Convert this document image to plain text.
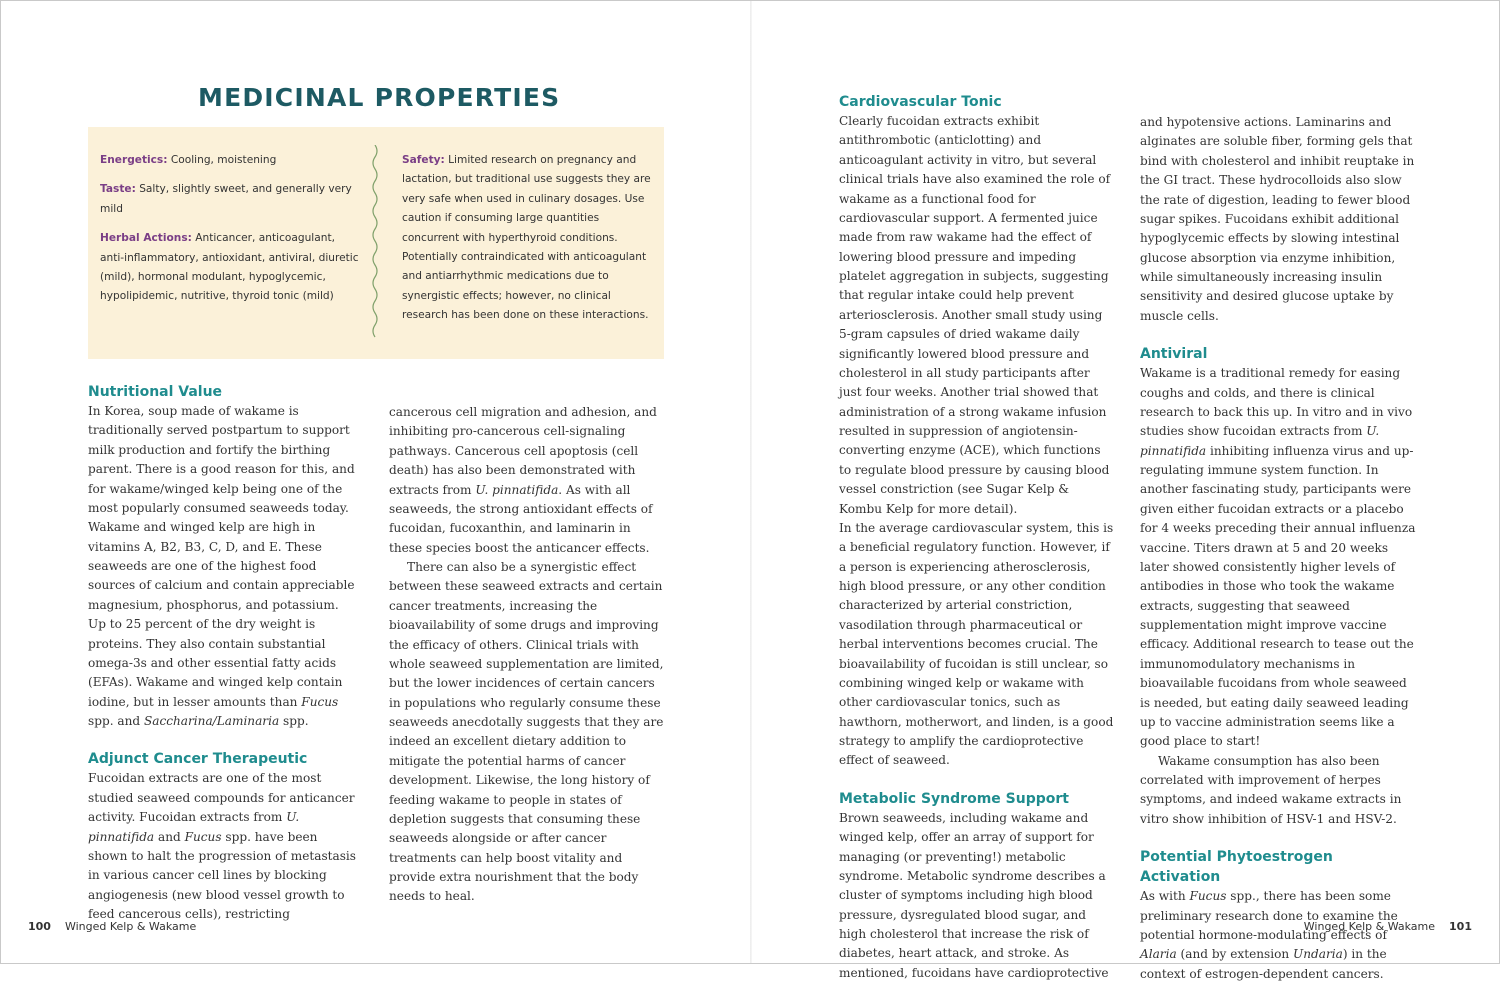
MEDICINAL PROPERTIES

Energetics: Cooling, moistening

Taste: Salty, slightly sweet, and generally very mild

Herbal Actions: Anticancer, anticoagulant, anti-inflammatory, antioxidant, antiviral, diuretic (mild), hormonal modulant, hypoglycemic, hypolipidemic, nutritive, thyroid tonic (mild)

Safety: Limited research on pregnancy and lactation, but traditional use suggests they are very safe when used in culinary dosages. Use caution if consuming large quantities concurrent with hyperthyroid conditions. Potentially contraindicated with anticoagulant and antiarrhythmic medications due to synergistic effects; however, no clinical research has been done on these interactions.

Nutritional Value

In Korea, soup made of wakame is traditionally served postpartum to support milk production and fortify the birthing parent. There is a good reason for this, and for wakame/winged kelp being one of the most popularly consumed seaweeds today. Wakame and winged kelp are high in vitamins A, B2, B3, C, D, and E. These seaweeds are one of the highest food sources of calcium and contain appreciable magnesium, phosphorus, and potassium. Up to 25 percent of the dry weight is proteins. They also contain substantial omega-3s and other essential fatty acids (EFAs). Wakame and winged kelp contain iodine, but in lesser amounts than Fucus spp. and Saccharina/Laminaria spp.

Adjunct Cancer Therapeutic

Fucoidan extracts are one of the most studied seaweed compounds for anticancer activity. Fucoidan extracts from U. pinnatifida and Fucus spp. have been shown to halt the progression of metastasis in various cancer cell lines by blocking angiogenesis (new blood vessel growth to feed cancerous cells), restricting

cancerous cell migration and adhesion, and inhibiting pro-cancerous cell-signaling pathways. Cancerous cell apoptosis (cell death) has also been demonstrated with extracts from U. pinnatifida. As with all seaweeds, the strong antioxidant effects of fucoidan, fucoxanthin, and laminarin in these species boost the anticancer effects.

There can also be a synergistic effect between these seaweed extracts and certain cancer treatments, increasing the bioavailability of some drugs and improving the efficacy of others. Clinical trials with whole seaweed supplementation are limited, but the lower incidences of certain cancers in populations who regularly consume these seaweeds anecdotally suggests that they are indeed an excellent dietary addition to mitigate the potential harms of cancer development. Likewise, the long history of feeding wakame to people in states of depletion suggests that consuming these seaweeds alongside or after cancer treatments can help boost vitality and provide extra nourishment that the body needs to heal.

Cardiovascular Tonic

Clearly fucoidan extracts exhibit antithrombotic (anticlotting) and anticoagulant activity in vitro, but several clinical trials have also examined the role of wakame as a functional food for cardiovascular support. A fermented juice made from raw wakame had the effect of lowering blood pressure and impeding platelet aggregation in subjects, suggesting that regular intake could help prevent arteriosclerosis. Another small study using 5-gram capsules of dried wakame daily significantly lowered blood pressure and cholesterol in all study participants after just four weeks. Another trial showed that administration of a strong wakame infusion resulted in suppression of angiotensin-converting enzyme (ACE), which functions to regulate blood pressure by causing blood vessel constriction (see Sugar Kelp & Kombu Kelp for more detail).

In the average cardiovascular system, this is a beneficial regulatory function. However, if a person is experiencing atherosclerosis, high blood pressure, or any other condition characterized by arterial constriction, vasodilation through pharmaceutical or herbal interventions becomes crucial. The bioavailability of fucoidan is still unclear, so combining winged kelp or wakame with other cardiovascular tonics, such as hawthorn, motherwort, and linden, is a good strategy to amplify the cardioprotective effect of seaweed.

Metabolic Syndrome Support

Brown seaweeds, including wakame and winged kelp, offer an array of support for managing (or preventing!) metabolic syndrome. Metabolic syndrome describes a cluster of symptoms including high blood pressure, dysregulated blood sugar, and high cholesterol that increase the risk of diabetes, heart attack, and stroke. As mentioned, fucoidans have cardioprotective

and hypotensive actions. Laminarins and alginates are soluble fiber, forming gels that bind with cholesterol and inhibit reuptake in the GI tract. These hydrocolloids also slow the rate of digestion, leading to fewer blood sugar spikes. Fucoidans exhibit additional hypoglycemic effects by slowing intestinal glucose absorption via enzyme inhibition, while simultaneously increasing insulin sensitivity and desired glucose uptake by muscle cells.

Antiviral

Wakame is a traditional remedy for easing coughs and colds, and there is clinical research to back this up. In vitro and in vivo studies show fucoidan extracts from U. pinnatifida inhibiting influenza virus and up-regulating immune system function. In another fascinating study, participants were given either fucoidan extracts or a placebo for 4 weeks preceding their annual influenza vaccine. Titers drawn at 5 and 20 weeks later showed consistently higher levels of antibodies in those who took the wakame extracts, suggesting that seaweed supplementation might improve vaccine efficacy. Additional research to tease out the immunomodulatory mechanisms in bioavailable fucoidans from whole seaweed is needed, but eating daily seaweed leading up to vaccine administration seems like a good place to start!

Wakame consumption has also been correlated with improvement of herpes symptoms, and indeed wakame extracts in vitro show inhibition of HSV-1 and HSV-2.

Potential Phytoestrogen Activation

As with Fucus spp., there has been some preliminary research done to examine the potential hormone-modulating effects of Alaria (and by extension Undaria) in the context of estrogen-dependent cancers.

100 Winged Kelp & Wakame	Winged Kelp & Wakame 101
